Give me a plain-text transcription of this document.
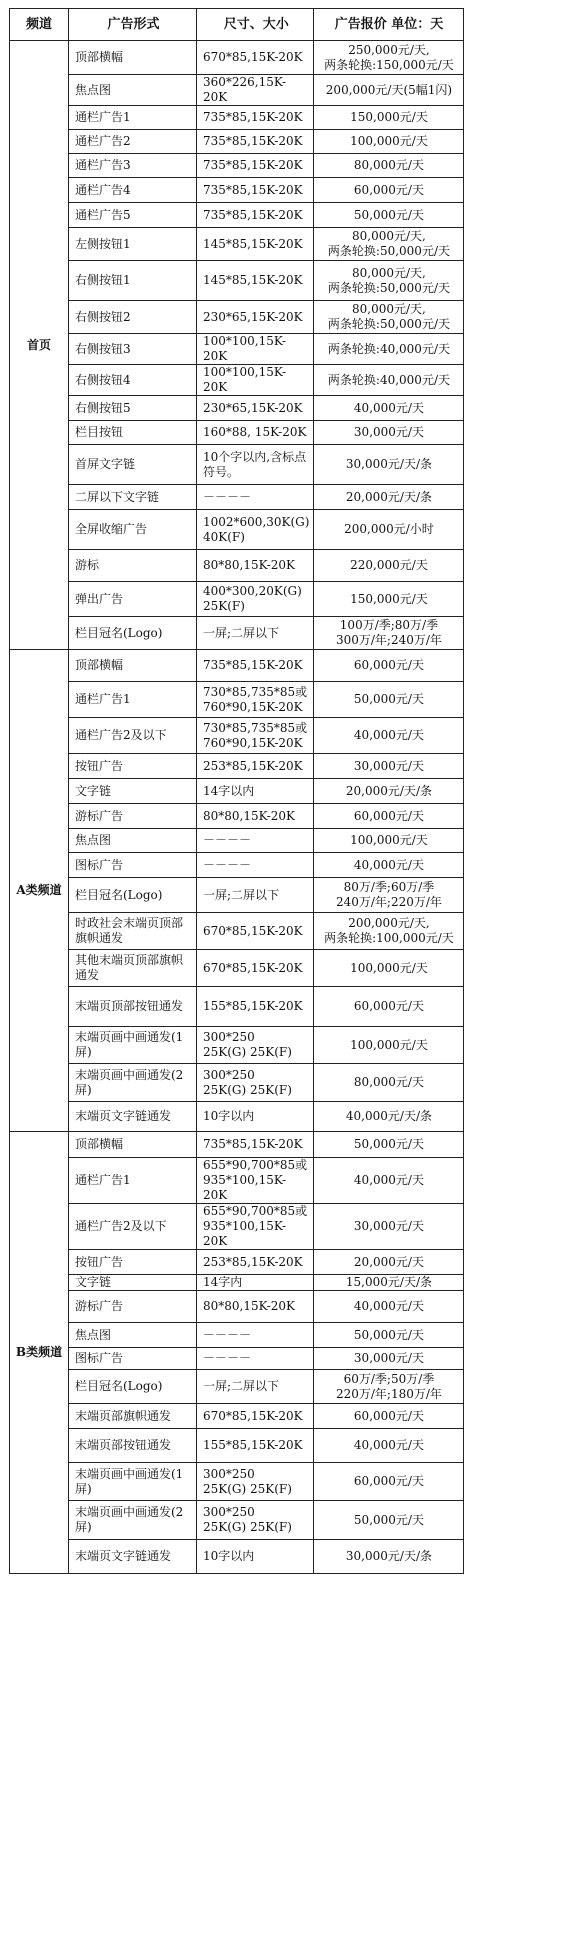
频道	广告形式	尺寸、大小	广告报价 单位：天
首页	顶部横幅	670*85,15K-20K	250,000元/天,
两条轮换:150,000元/天
	焦点图	360*226,15K-20K	200,000元/天(5幅1闪)
	通栏广告1	735*85,15K-20K	150,000元/天
	通栏广告2	735*85,15K-20K	100,000元/天
	通栏广告3	735*85,15K-20K	80,000元/天
	通栏广告4	735*85,15K-20K	60,000元/天
	通栏广告5	735*85,15K-20K	50,000元/天
	左侧按钮1	145*85,15K-20K	80,000元/天,
两条轮换:50,000元/天
	右侧按钮1	145*85,15K-20K	80,000元/天,
两条轮换:50,000元/天
	右侧按钮2	230*65,15K-20K	80,000元/天,
两条轮换:50,000元/天
	右侧按钮3	100*100,15K-20K	两条轮换:40,000元/天
	右侧按钮4	100*100,15K-20K	两条轮换:40,000元/天
	右侧按钮5	230*65,15K-20K	40,000元/天
	栏目按钮	160*88, 15K-20K	30,000元/天
	首屏文字链	10个字以内,含标点符号。	30,000元/天/条
	二屏以下文字链	－－－－	20,000元/天/条
	全屏收缩广告	1002*600,30K(G)
40K(F)	200,000元/小时
	游标	80*80,15K-20K	220,000元/天
	弹出广告	400*300,20K(G)
25K(F)	150,000元/天
	栏目冠名(Logo)	一屏;二屏以下	100万/季;80万/季
300万/年;240万/年
A类频道	顶部横幅	735*85,15K-20K	60,000元/天
	通栏广告1	730*85,735*85或
760*90,15K-20K	50,000元/天
	通栏广告2及以下	730*85,735*85或
760*90,15K-20K	40,000元/天
	按钮广告	253*85,15K-20K	30,000元/天
	文字链	14字以内	20,000元/天/条
	游标广告	80*80,15K-20K	60,000元/天
	焦点图	－－－－	100,000元/天
	图标广告	－－－－	40,000元/天
	栏目冠名(Logo)	一屏;二屏以下	80万/季;60万/季
240万/年;220万/年
	时政社会末端页顶部旗帜通发	670*85,15K-20K	200,000元/天,
两条轮换:100,000元/天
	其他末端页顶部旗帜通发	670*85,15K-20K	100,000元/天
	末端页顶部按钮通发	155*85,15K-20K	60,000元/天
	末端页画中画通发(1屏)	300*250
25K(G) 25K(F)	100,000元/天
	末端页画中画通发(2屏)	300*250
25K(G) 25K(F)	80,000元/天
	末端页文字链通发	10字以内	40,000元/天/条
B类频道	顶部横幅	735*85,15K-20K	50,000元/天
	通栏广告1	655*90,700*85或
935*100,15K-20K	40,000元/天
	通栏广告2及以下	655*90,700*85或
935*100,15K-20K	30,000元/天
	按钮广告	253*85,15K-20K	20,000元/天
	文字链	14字内	15,000元/天/条
	游标广告	80*80,15K-20K	40,000元/天
	焦点图	－－－－	50,000元/天
	图标广告	－－－－	30,000元/天
	栏目冠名(Logo)	一屏;二屏以下	60万/季;50万/季
220万/年;180万/年
	末端页部旗帜通发	670*85,15K-20K	60,000元/天
	末端页部按钮通发	155*85,15K-20K	40,000元/天
	末端页画中画通发(1屏)	300*250
25K(G) 25K(F)	60,000元/天
	末端页画中画通发(2屏)	300*250
25K(G) 25K(F)	50,000元/天
	末端页文字链通发	10字以内	30,000元/天/条
